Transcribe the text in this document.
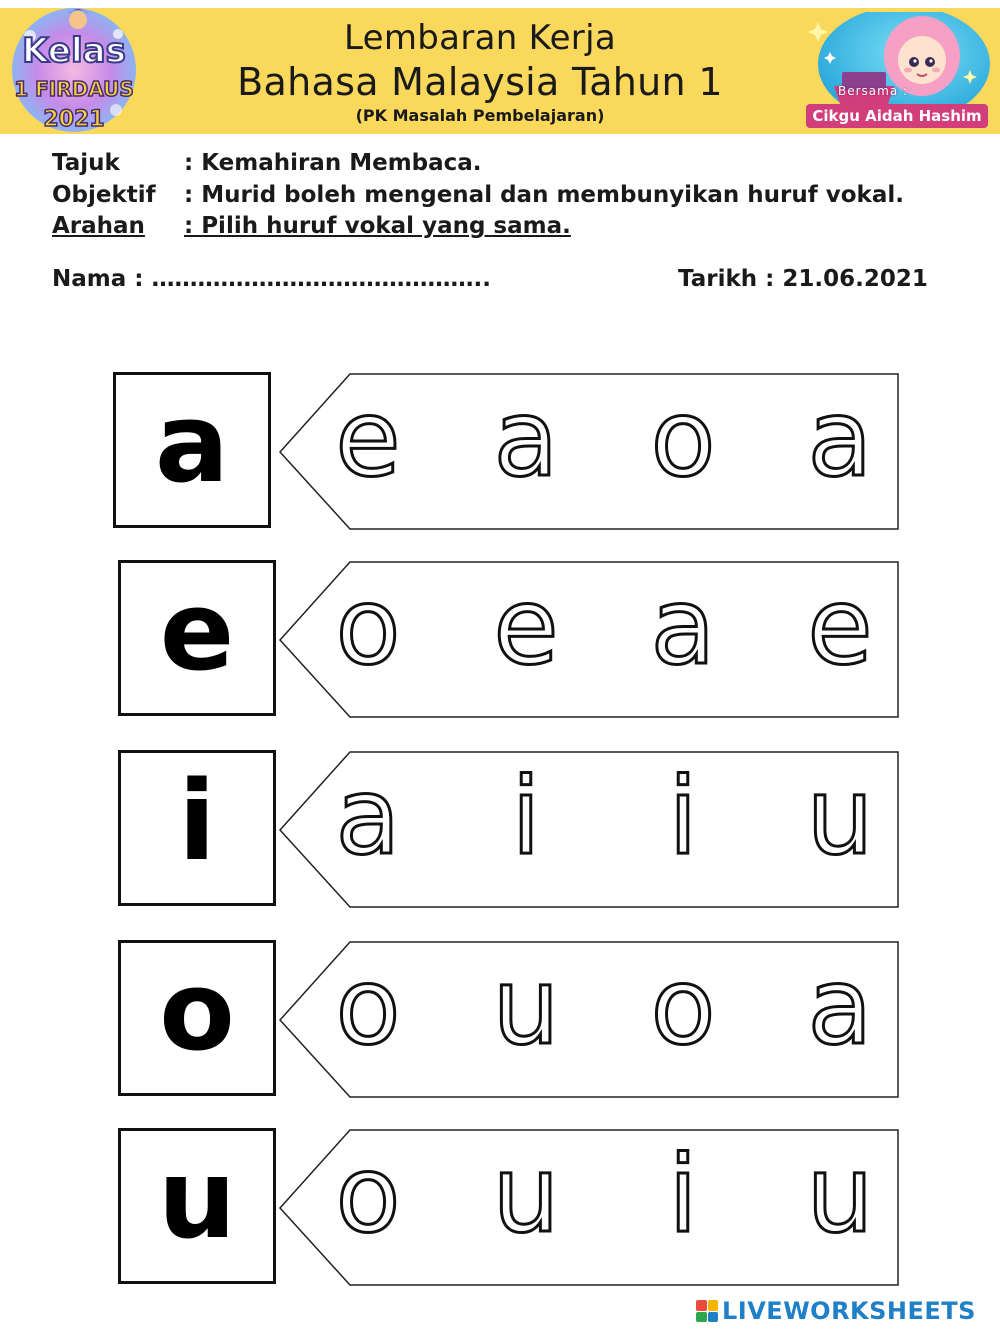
Kelas
1 FIRDAUS
2021
Lembaran Kerja
Bahasa Malaysia Tahun 1
(PK Masalah Pembelajaran)
Bersama :
Cikgu Aidah Hashim
Tajuk	: Kemahiran Membaca.
Objektif : Murid boleh mengenal dan membunyikan huruf vokal.
Arahan : Pilih huruf vokal yang sama.
Nama : ……………………………………..	Tarikh : 21.06.2021
a e a o a
e o e a e
i a i i u
o o u o a
u o u i u
LIVEWORKSHEETS
